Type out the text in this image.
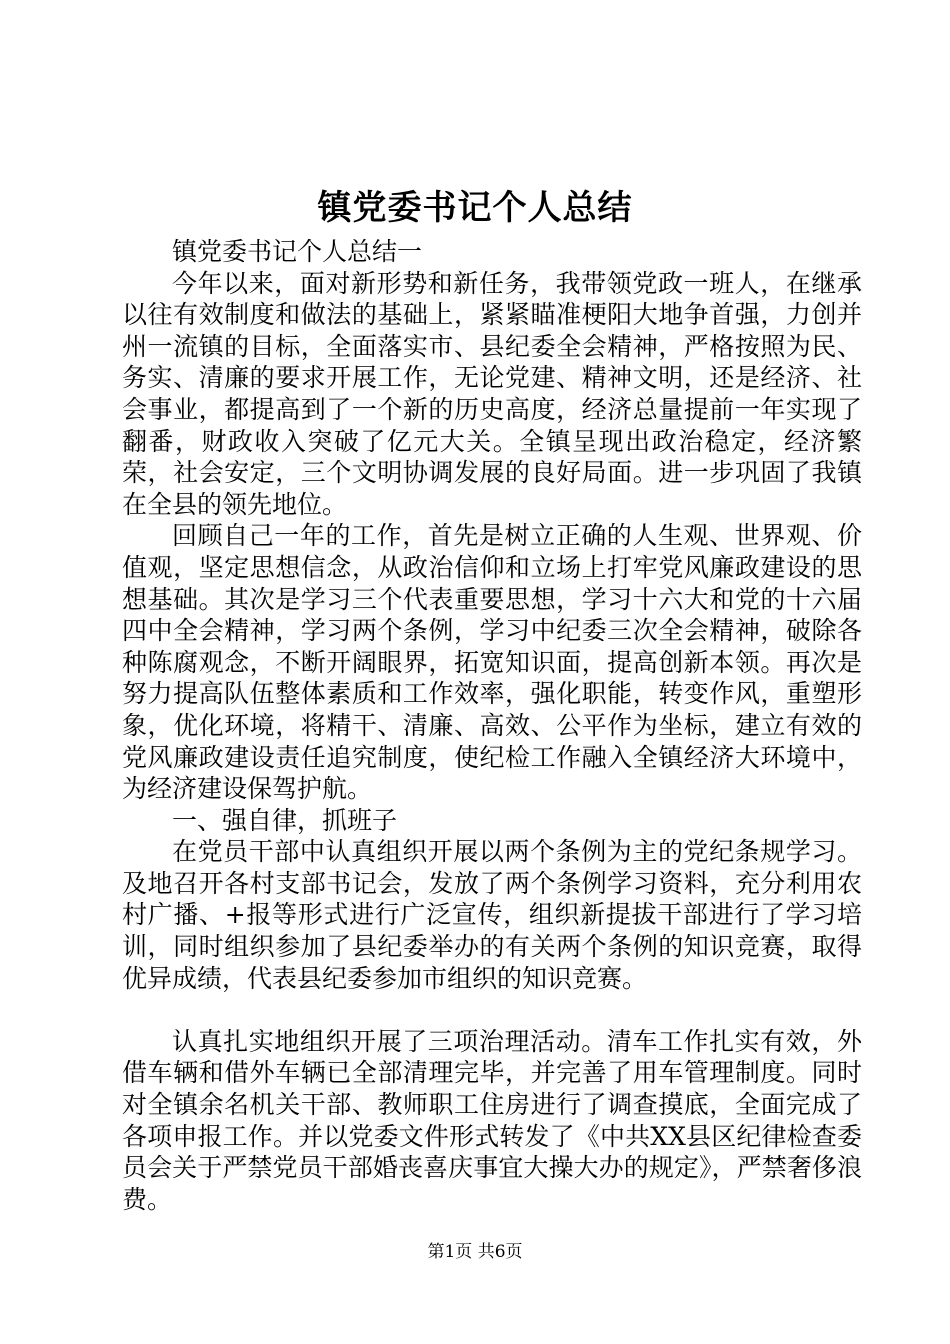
镇党委书记个人总结

镇党委书记个人总结一

今年以来，面对新形势和新任务，我带领党政一班人，在继承以往有效制度和做法的基础上，紧紧瞄准梗阳大地争首强，力创并州一流镇的目标，全面落实市、县纪委全会精神，严格按照为民、务实、清廉的要求开展工作，无论党建、精神文明，还是经济、社会事业，都提高到了一个新的历史高度，经济总量提前一年实现了翻番，财政收入突破了亿元大关。全镇呈现出政治稳定，经济繁荣，社会安定，三个文明协调发展的良好局面。进一步巩固了我镇在全县的领先地位。

回顾自己一年的工作，首先是树立正确的人生观、世界观、价值观，坚定思想信念，从政治信仰和立场上打牢党风廉政建设的思想基础。其次是学习三个代表重要思想，学习十六大和党的十六届四中全会精神，学习两个条例，学习中纪委三次全会精神，破除各种陈腐观念，不断开阔眼界，拓宽知识面，提高创新本领。再次是努力提高队伍整体素质和工作效率，强化职能，转变作风，重塑形象，优化环境，将精干、清廉、高效、公平作为坐标，建立有效的党风廉政建设责任追究制度，使纪检工作融入全镇经济大环境中，为经济建设保驾护航。

一、强自律，抓班子

在党员干部中认真组织开展以两个条例为主的党纪条规学习。及地召开各村支部书记会，发放了两个条例学习资料，充分利用农村广播、+报等形式进行广泛宣传，组织新提拔干部进行了学习培训，同时组织参加了县纪委举办的有关两个条例的知识竞赛，取得优异成绩，代表县纪委参加市组织的知识竞赛。

认真扎实地组织开展了三项治理活动。清车工作扎实有效，外借车辆和借外车辆已全部清理完毕，并完善了用车管理制度。同时对全镇余名机关干部、教师职工住房进行了调查摸底，全面完成了各项申报工作。并以党委文件形式转发了《中共XX县区纪律检查委员会关于严禁党员干部婚丧喜庆事宜大操大办的规定》，严禁奢侈浪费。

第1页 共6页
